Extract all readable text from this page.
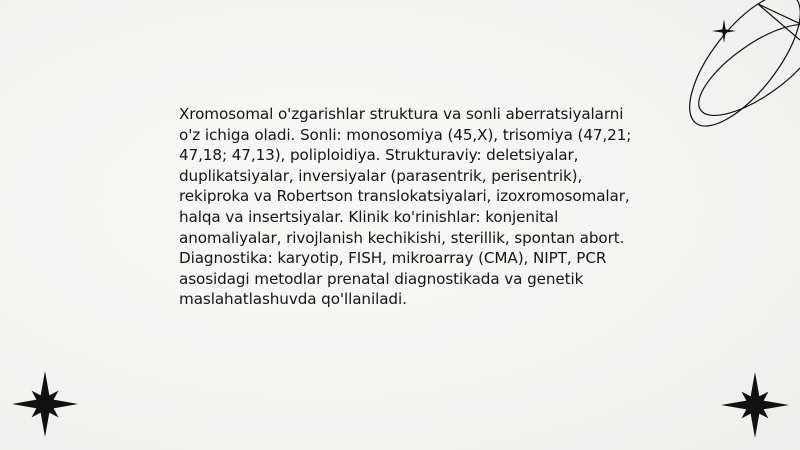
Xromosomal o'zgarishlar struktura va sonli aberratsiyalarni o'z ichiga oladi. Sonli: monosomiya (45,X), trisomiya (47,21; 47,18; 47,13), poliploidiya. Strukturaviy: deletsiyalar, duplikatsiyalar, inversiyalar (parasentrik, perisentrik), rekiproka va Robertson translokatsiyalari, izoxromosomalar, halqa va insertsiyalar. Klinik ko'rinishlar: konjenital anomaliyalar, rivojlanish kechikishi, sterillik, spontan abort. Diagnostika: karyotip, FISH, mikroarray (CMA), NIPT, PCR asosidagi metodlar prenatal diagnostikada va genetik maslahatlashuvda qo'llaniladi.
